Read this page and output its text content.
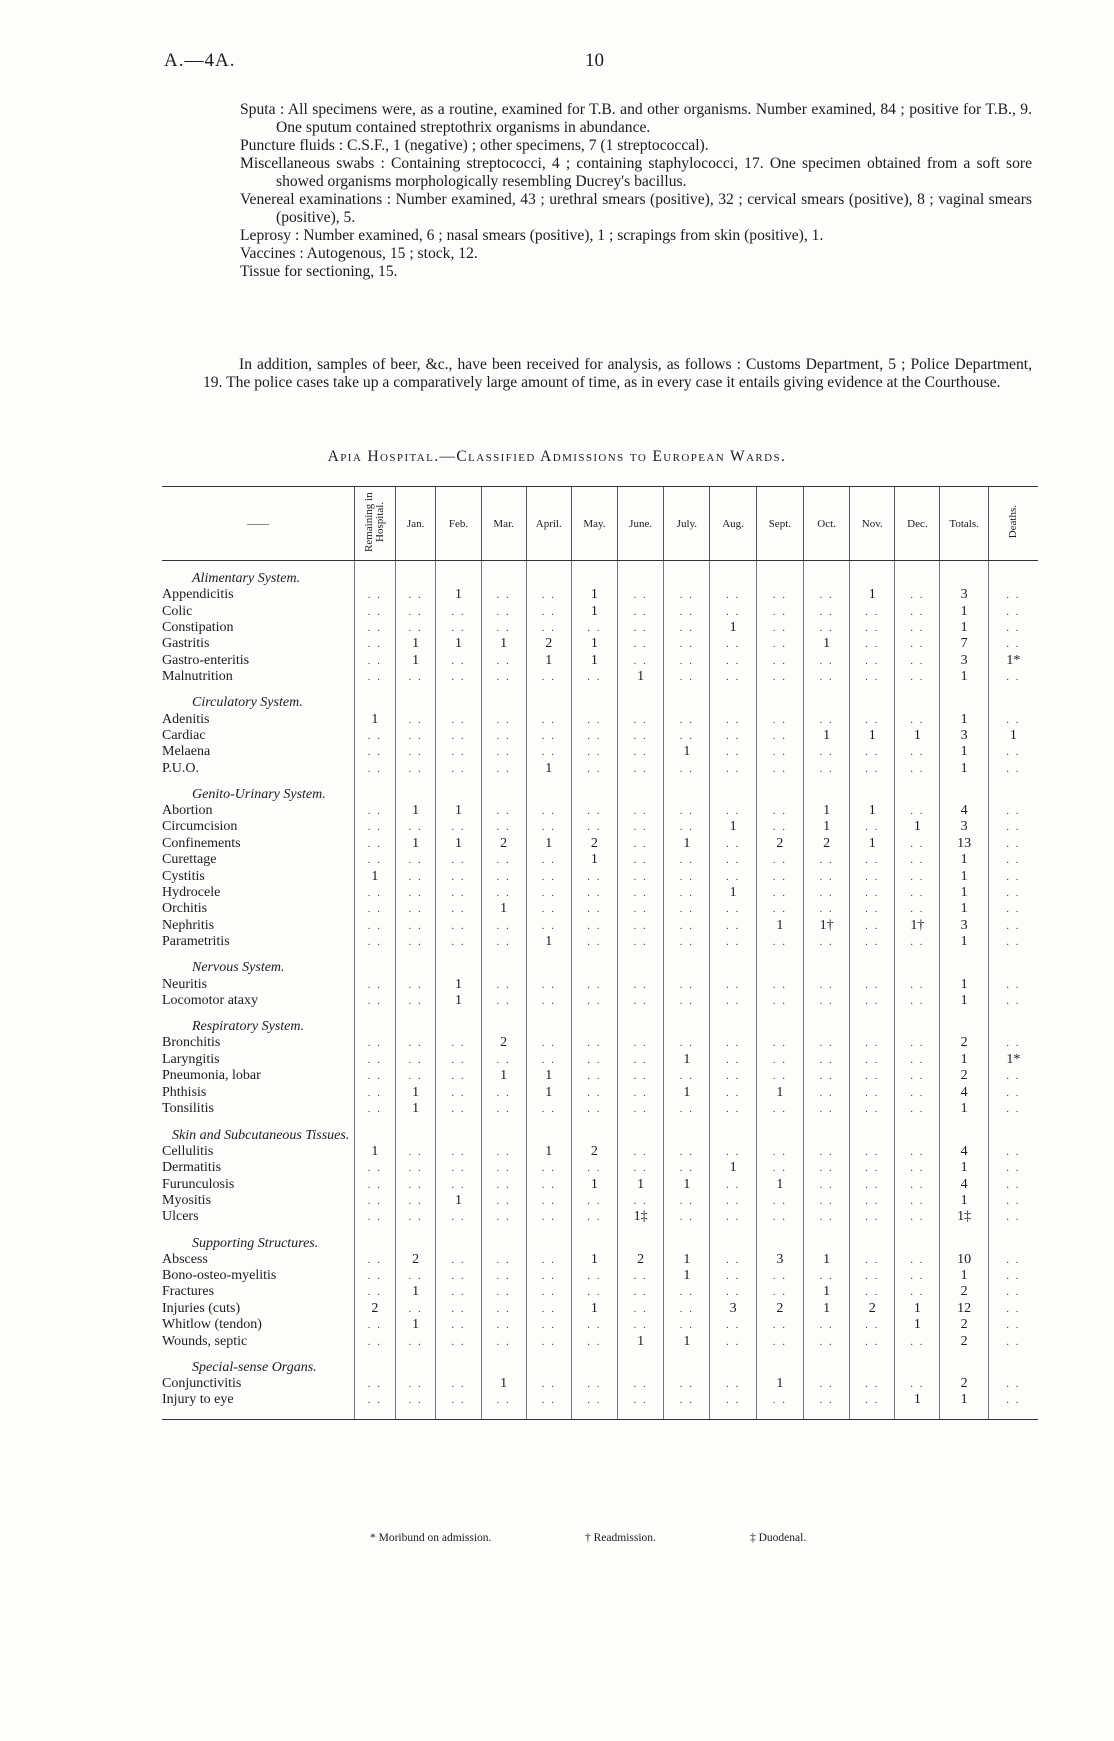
A.—4A.	10

Sputa : All specimens were, as a routine, examined for T.B. and other organisms. Number examined, 84 ; positive for T.B., 9. One sputum contained streptothrix organisms in abundance.

Puncture fluids : C.S.F., 1 (negative) ; other specimens, 7 (1 streptococcal).

Miscellaneous swabs : Containing streptococci, 4 ; containing staphylococci, 17. One specimen obtained from a soft sore showed organisms morphologically resembling Ducrey's bacillus.

Venereal examinations : Number examined, 43 ; urethral smears (positive), 32 ; cervical smears (positive), 8 ; vaginal smears (positive), 5.

Leprosy : Number examined, 6 ; nasal smears (positive), 1 ; scrapings from skin (positive), 1.

Vaccines : Autogenous, 15 ; stock, 12.

Tissue for sectioning, 15.

In addition, samples of beer, &c., have been received for analysis, as follows : Customs Department, 5 ; Police Department, 19. The police cases take up a comparatively large amount of time, as in every case it entails giving evidence at the Courthouse.

Apia Hospital.—Classified Admissions to European Wards.
——	Remaining in Hospital.	Jan.	Feb.	Mar.	April.	May.	June.	July.	Aug.	Sept.	Oct.	Nov.	Dec.	Totals.	Deaths.
Alimentary System.															
Appendicitis	. .	. .	1	. .	. .	1	. .	. .	. .	. .	. .	1	. .	3	. .
Colic	. .	. .	. .	. .	. .	1	. .	. .	. .	. .	. .	. .	. .	1	. .
Constipation	. .	. .	. .	. .	. .	. .	. .	. .	1	. .	. .	. .	. .	1	. .
Gastritis	. .	1	1	1	2	1	. .	. .	. .	. .	1	. .	. .	7	. .
Gastro-enteritis	. .	1	. .	. .	1	1	. .	. .	. .	. .	. .	. .	. .	3	1*
Malnutrition	. .	. .	. .	. .	. .	. .	1	. .	. .	. .	. .	. .	. .	1	. .
Circulatory System.															
Adenitis	1	. .	. .	. .	. .	. .	. .	. .	. .	. .	. .	. .	. .	1	. .
Cardiac	. .	. .	. .	. .	. .	. .	. .	. .	. .	. .	1	1	1	3	1
Melaena	. .	. .	. .	. .	. .	. .	. .	1	. .	. .	. .	. .	. .	1	. .
P.U.O.	. .	. .	. .	. .	1	. .	. .	. .	. .	. .	. .	. .	. .	1	. .
Genito-Urinary System.															
Abortion	. .	1	1	. .	. .	. .	. .	. .	. .	. .	1	1	. .	4	. .
Circumcision	. .	. .	. .	. .	. .	. .	. .	. .	1	. .	1	. .	1	3	. .
Confinements	. .	1	1	2	1	2	. .	1	. .	2	2	1	. .	13	. .
Curettage	. .	. .	. .	. .	. .	1	. .	. .	. .	. .	. .	. .	. .	1	. .
Cystitis	1	. .	. .	. .	. .	. .	. .	. .	. .	. .	. .	. .	. .	1	. .
Hydrocele	. .	. .	. .	. .	. .	. .	. .	. .	1	. .	. .	. .	. .	1	. .
Orchitis	. .	. .	. .	1	. .	. .	. .	. .	. .	. .	. .	. .	. .	1	. .
Nephritis	. .	. .	. .	. .	. .	. .	. .	. .	. .	1	1†	. .	1†	3	. .
Parametritis	. .	. .	. .	. .	1	. .	. .	. .	. .	. .	. .	. .	. .	1	. .
Nervous System.															
Neuritis	. .	. .	1	. .	. .	. .	. .	. .	. .	. .	. .	. .	. .	1	. .
Locomotor ataxy	. .	. .	1	. .	. .	. .	. .	. .	. .	. .	. .	. .	. .	1	. .
Respiratory System.															
Bronchitis	. .	. .	. .	2	. .	. .	. .	. .	. .	. .	. .	. .	. .	2	. .
Laryngitis	. .	. .	. .	. .	. .	. .	. .	1	. .	. .	. .	. .	. .	1	1*
Pneumonia, lobar	. .	. .	. .	1	1	. .	. .	. .	. .	. .	. .	. .	. .	2	. .
Phthisis	. .	1	. .	. .	1	. .	. .	1	. .	1	. .	. .	. .	4	. .
Tonsilitis	. .	1	. .	. .	. .	. .	. .	. .	. .	. .	. .	. .	. .	1	. .
Skin and Subcutaneous Tissues.															
Cellulitis	1	. .	. .	. .	1	2	. .	. .	. .	. .	. .	. .	. .	4	. .
Dermatitis	. .	. .	. .	. .	. .	. .	. .	. .	1	. .	. .	. .	. .	1	. .
Furunculosis	. .	. .	. .	. .	. .	1	1	1	. .	1	. .	. .	. .	4	. .
Myositis	. .	. .	1	. .	. .	. .	. .	. .	. .	. .	. .	. .	. .	1	. .
Ulcers	. .	. .	. .	. .	. .	. .	1‡	. .	. .	. .	. .	. .	. .	1‡	. .
Supporting Structures.															
Abscess	. .	2	. .	. .	. .	1	2	1	. .	3	1	. .	. .	10	. .
Bono-osteo-myelitis	. .	. .	. .	. .	. .	. .	. .	1	. .	. .	. .	. .	. .	1	. .
Fractures	. .	1	. .	. .	. .	. .	. .	. .	. .	. .	1	. .	. .	2	. .
Injuries (cuts)	2	. .	. .	. .	. .	1	. .	. .	3	2	1	2	1	12	. .
Whitlow (tendon)	. .	1	. .	. .	. .	. .	. .	. .	. .	. .	. .	. .	1	2	. .
Wounds, septic	. .	. .	. .	. .	. .	. .	1	1	. .	. .	. .	. .	. .	2	. .
Special-sense Organs.															
Conjunctivitis	. .	. .	. .	1	. .	. .	. .	. .	. .	1	. .	. .	. .	2	. .
Injury to eye	. .	. .	. .	. .	. .	. .	. .	. .	. .	. .	. .	. .	1	1	. .
* Moribund on admission.	† Readmission.	‡ Duodenal.
